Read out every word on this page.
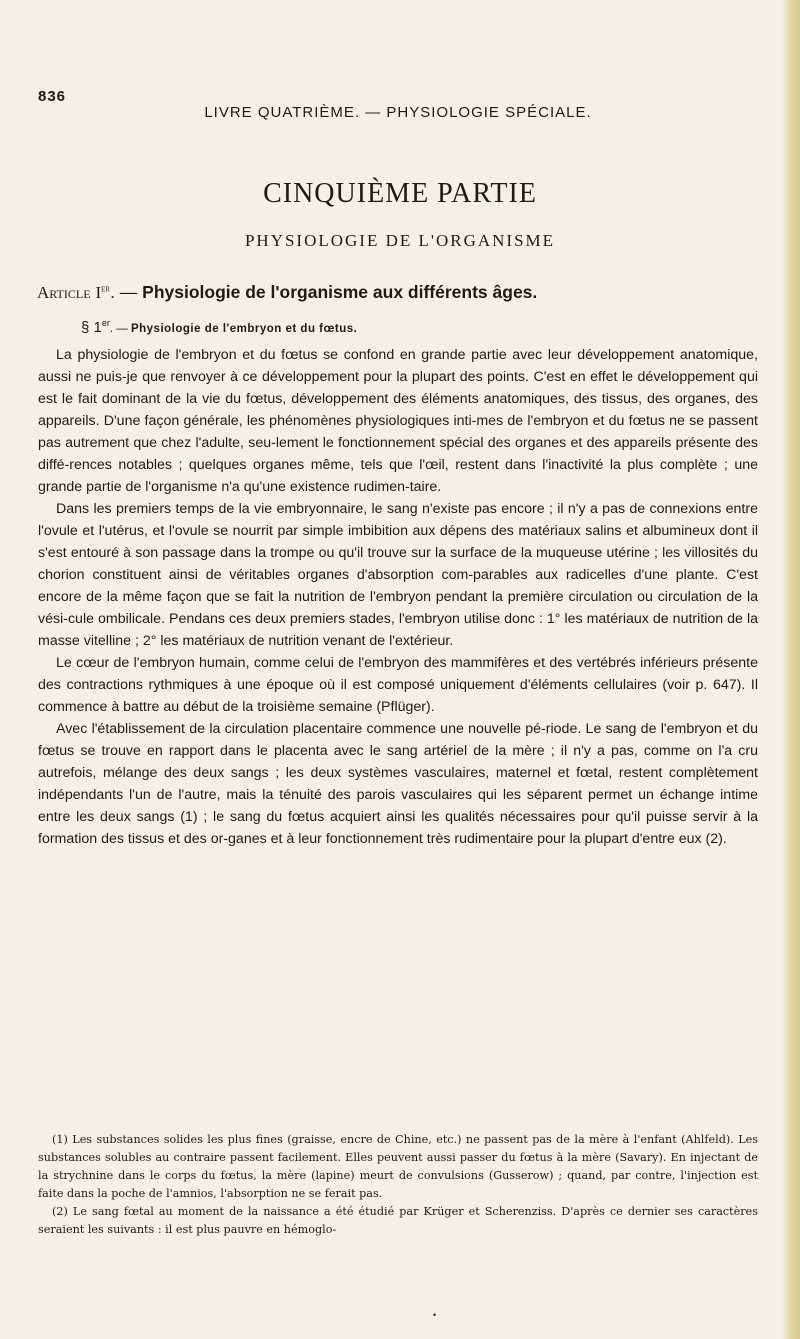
836
LIVRE QUATRIÈME. — PHYSIOLOGIE SPÉCIALE.
CINQUIÈME PARTIE
PHYSIOLOGIE DE L'ORGANISME
Article Ier. — Physiologie de l'organisme aux différents âges.
§ 1er. — Physiologie de l'embryon et du fœtus.

La physiologie de l'embryon et du fœtus se confond en grande partie avec leur développement anatomique, aussi ne puis-je que renvoyer à ce développement pour la plupart des points. C'est en effet le développement qui est le fait dominant de la vie du fœtus, développement des éléments anatomiques, des tissus, des organes, des appareils. D'une façon générale, les phénomènes physiologiques inti-mes de l'embryon et du fœtus ne se passent pas autrement que chez l'adulte, seu-lement le fonctionnement spécial des organes et des appareils présente des diffé-rences notables ; quelques organes même, tels que l'œil, restent dans l'inactivité la plus complète ; une grande partie de l'organisme n'a qu'une existence rudimen-taire.

Dans les premiers temps de la vie embryonnaire, le sang n'existe pas encore ; il n'y a pas de connexions entre l'ovule et l'utérus, et l'ovule se nourrit par simple imbibition aux dépens des matériaux salins et albumineux dont il s'est entouré à son passage dans la trompe ou qu'il trouve sur la surface de la muqueuse utérine ; les villosités du chorion constituent ainsi de véritables organes d'absorption com-parables aux radicelles d'une plante. C'est encore de la même façon que se fait la nutrition de l'embryon pendant la première circulation ou circulation de la vési-cule ombilicale. Pendans ces deux premiers stades, l'embryon utilise donc : 1° les matériaux de nutrition de la masse vitelline ; 2° les matériaux de nutrition venant de l'extérieur.

Le cœur de l'embryon humain, comme celui de l'embryon des mammifères et des vertébrés inférieurs présente des contractions rythmiques à une époque où il est composé uniquement d'éléments cellulaires (voir p. 647). Il commence à battre au début de la troisième semaine (Pflüger).

Avec l'établissement de la circulation placentaire commence une nouvelle pé-riode. Le sang de l'embryon et du fœtus se trouve en rapport dans le placenta avec le sang artériel de la mère ; il n'y a pas, comme on l'a cru autrefois, mélange des deux sangs ; les deux systèmes vasculaires, maternel et fœtal, restent complètement indépendants l'un de l'autre, mais la ténuité des parois vasculaires qui les séparent permet un échange intime entre les deux sangs (1) ; le sang du fœtus acquiert ainsi les qualités nécessaires pour qu'il puisse servir à la formation des tissus et des or-ganes et à leur fonctionnement très rudimentaire pour la plupart d'entre eux (2).

(1) Les substances solides les plus fines (graisse, encre de Chine, etc.) ne passent pas de la mère à l'enfant (Ahlfeld). Les substances solubles au contraire passent facilement. Elles peuvent aussi passer du fœtus à la mère (Savary). En injectant de la strychnine dans le corps du fœtus, la mère (lapine) meurt de convulsions (Gusserow) ; quand, par contre, l'injection est faite dans la poche de l'amnios, l'absorption ne se ferait pas.

(2) Le sang fœtal au moment de la naissance a été étudié par Krüger et Scherenziss. D'après ce dernier ses caractères seraient les suivants : il est plus pauvre en hémoglo-

•
